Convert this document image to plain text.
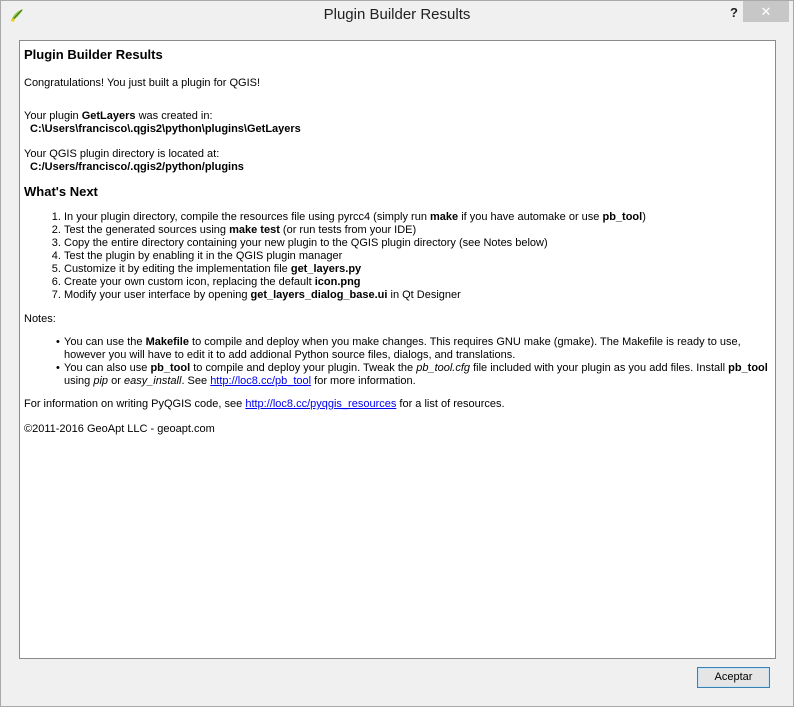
Plugin Builder Results	?	✕
Plugin Builder Results

Congratulations! You just built a plugin for QGIS!

Your plugin GetLayers was created in:

C:\Users\francisco\.qgis2\python\plugins\GetLayers

Your QGIS plugin directory is located at:

C:/Users/francisco/.qgis2/python/plugins

What's Next
1. In your plugin directory, compile the resources file using pyrcc4 (simply run make if you have automake or use pb_tool)
2. Test the generated sources using make test (or run tests from your IDE)
3. Copy the entire directory containing your new plugin to the QGIS plugin directory (see Notes below)
4. Test the plugin by enabling it in the QGIS plugin manager
5. Customize it by editing the implementation file get_layers.py
6. Create your own custom icon, replacing the default icon.png
7. Modify your user interface by opening get_layers_dialog_base.ui in Qt Designer

Notes:

• You can use the Makefile to compile and deploy when you make changes. This requires GNU make (gmake). The Makefile is ready to use, however you will have to edit it to add addional Python source files, dialogs, and translations.
• You can also use pb_tool to compile and deploy your plugin. Tweak the pb_tool.cfg file included with your plugin as you add files. Install pb_tool using pip or easy_install. See http://loc8.cc/pb_tool for more information.

For information on writing PyQGIS code, see http://loc8.cc/pyqgis_resources for a list of resources.

©2011-2016 GeoApt LLC - geoapt.com

Aceptar
